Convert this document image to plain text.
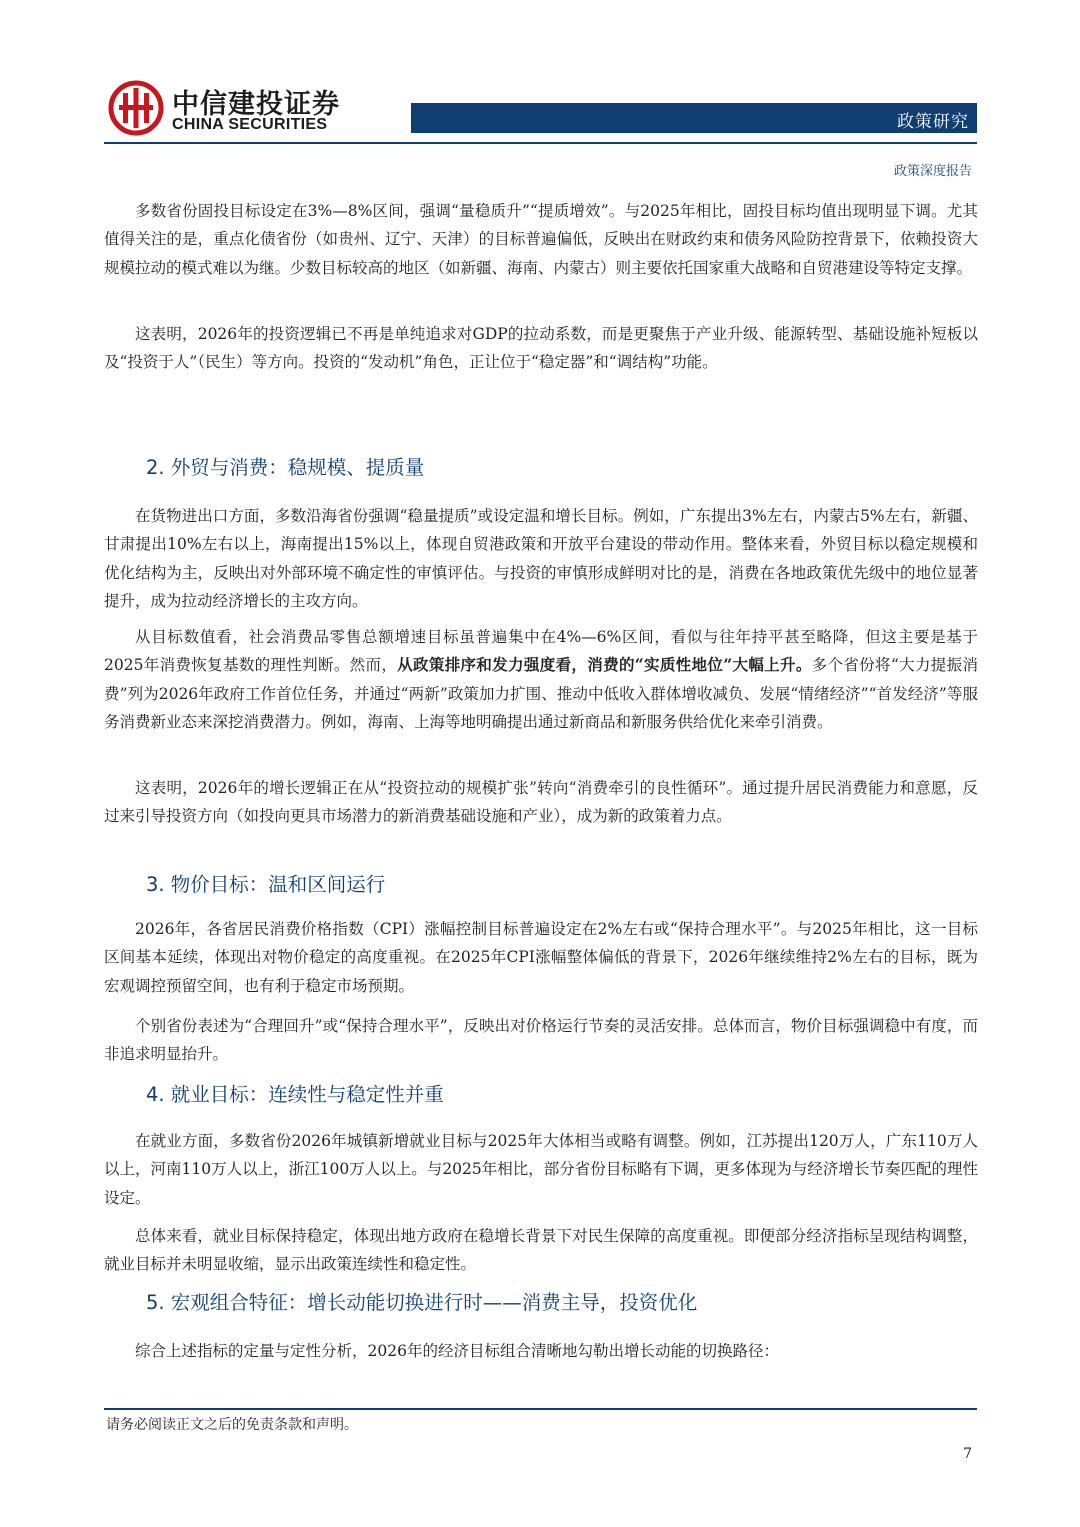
中信建投证券
CHINA SECURITIES	政策研究
政策深度报告

多数省份固投目标设定在3%—8%区间，强调“量稳质升”“提质增效”。与2025年相比，固投目标均值出现明显下调。尤其值得关注的是，重点化债省份（如贵州、辽宁、天津）的目标普遍偏低，反映出在财政约束和债务风险防控背景下，依赖投资大规模拉动的模式难以为继。少数目标较高的地区（如新疆、海南、内蒙古）则主要依托国家重大战略和自贸港建设等特定支撑。

这表明，2026年的投资逻辑已不再是单纯追求对GDP的拉动系数，而是更聚焦于产业升级、能源转型、基础设施补短板以及“投资于人”（民生）等方向。投资的“发动机”角色，正让位于“稳定器”和“调结构”功能。

2. 外贸与消费：稳规模、提质量

在货物进出口方面，多数沿海省份强调“稳量提质”或设定温和增长目标。例如，广东提出3%左右，内蒙古5%左右，新疆、甘肃提出10%左右以上，海南提出15%以上，体现自贸港政策和开放平台建设的带动作用。整体来看，外贸目标以稳定规模和优化结构为主，反映出对外部环境不确定性的审慎评估。与投资的审慎形成鲜明对比的是，消费在各地政策优先级中的地位显著提升，成为拉动经济增长的主攻方向。

从目标数值看，社会消费品零售总额增速目标虽普遍集中在4%—6%区间，看似与往年持平甚至略降，但这主要是基于2025年消费恢复基数的理性判断。然而，从政策排序和发力强度看，消费的“实质性地位”大幅上升。多个省份将“大力提振消费”列为2026年政府工作首位任务，并通过“两新”政策加力扩围、推动中低收入群体增收减负、发展“情绪经济”“首发经济”等服务消费新业态来深挖消费潜力。例如，海南、上海等地明确提出通过新商品和新服务供给优化来牵引消费。

这表明，2026年的增长逻辑正在从“投资拉动的规模扩张”转向“消费牵引的良性循环”。通过提升居民消费能力和意愿，反过来引导投资方向（如投向更具市场潜力的新消费基础设施和产业），成为新的政策着力点。

3. 物价目标：温和区间运行

2026年，各省居民消费价格指数（CPI）涨幅控制目标普遍设定在2%左右或“保持合理水平”。与2025年相比，这一目标区间基本延续，体现出对物价稳定的高度重视。在2025年CPI涨幅整体偏低的背景下，2026年继续维持2%左右的目标，既为宏观调控预留空间，也有利于稳定市场预期。

个别省份表述为“合理回升”或“保持合理水平”，反映出对价格运行节奏的灵活安排。总体而言，物价目标强调稳中有度，而非追求明显抬升。

4. 就业目标：连续性与稳定性并重

在就业方面，多数省份2026年城镇新增就业目标与2025年大体相当或略有调整。例如，江苏提出120万人，广东110万人以上，河南110万人以上，浙江100万人以上。与2025年相比，部分省份目标略有下调，更多体现为与经济增长节奏匹配的理性设定。

总体来看，就业目标保持稳定，体现出地方政府在稳增长背景下对民生保障的高度重视。即便部分经济指标呈现结构调整，就业目标并未明显收缩，显示出政策连续性和稳定性。

5. 宏观组合特征：增长动能切换进行时——消费主导，投资优化

综合上述指标的定量与定性分析，2026年的经济目标组合清晰地勾勒出增长动能的切换路径：

请务必阅读正文之后的免责条款和声明。
7
